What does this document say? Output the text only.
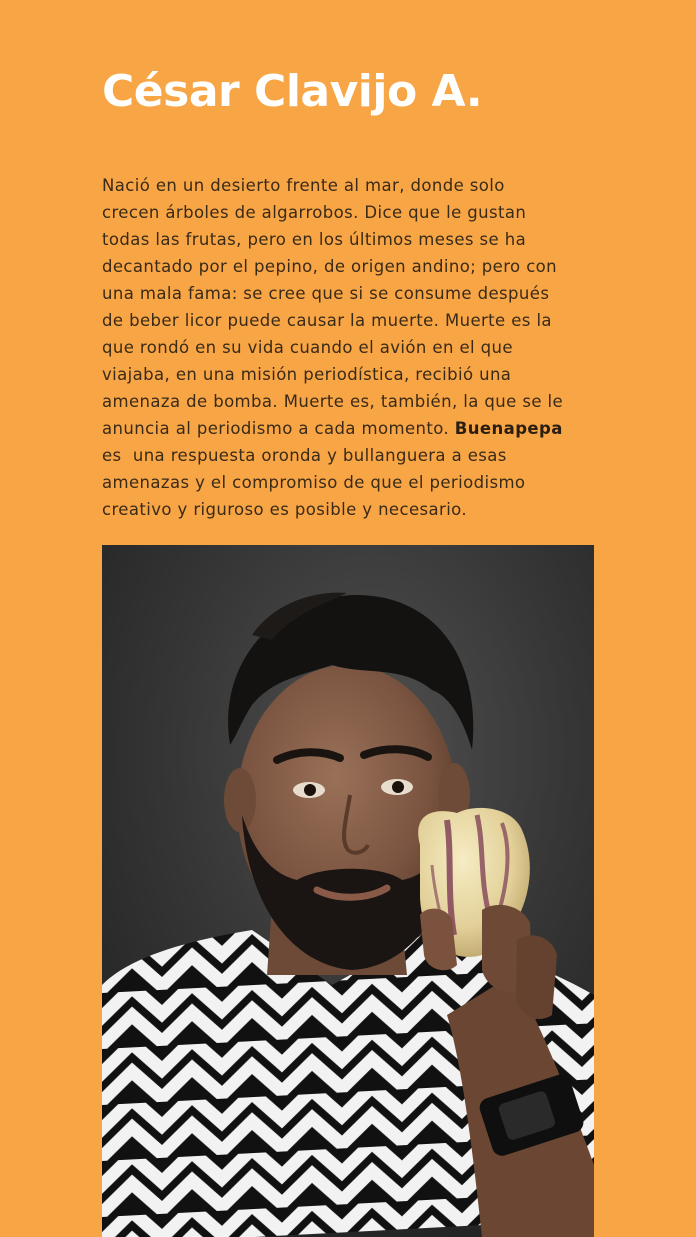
César Clavijo A.

Nació en un desierto frente al mar, donde solo
crecen árboles de algarrobos. Dice que le gustan
todas las frutas, pero en los últimos meses se ha
decantado por el pepino, de origen andino; pero con
una mala fama: se cree que si se consume después
de beber licor puede causar la muerte. Muerte es la
que rondó en su vida cuando el avión en el que
viajaba, en una misión periodística, recibió una
amenaza de bomba. Muerte es, también, la que se le
anuncia al periodismo a cada momento. Buenapepa
es  una respuesta oronda y bullanguera a esas
amenazas y el compromiso de que el periodismo
creativo y riguroso es posible y necesario.
